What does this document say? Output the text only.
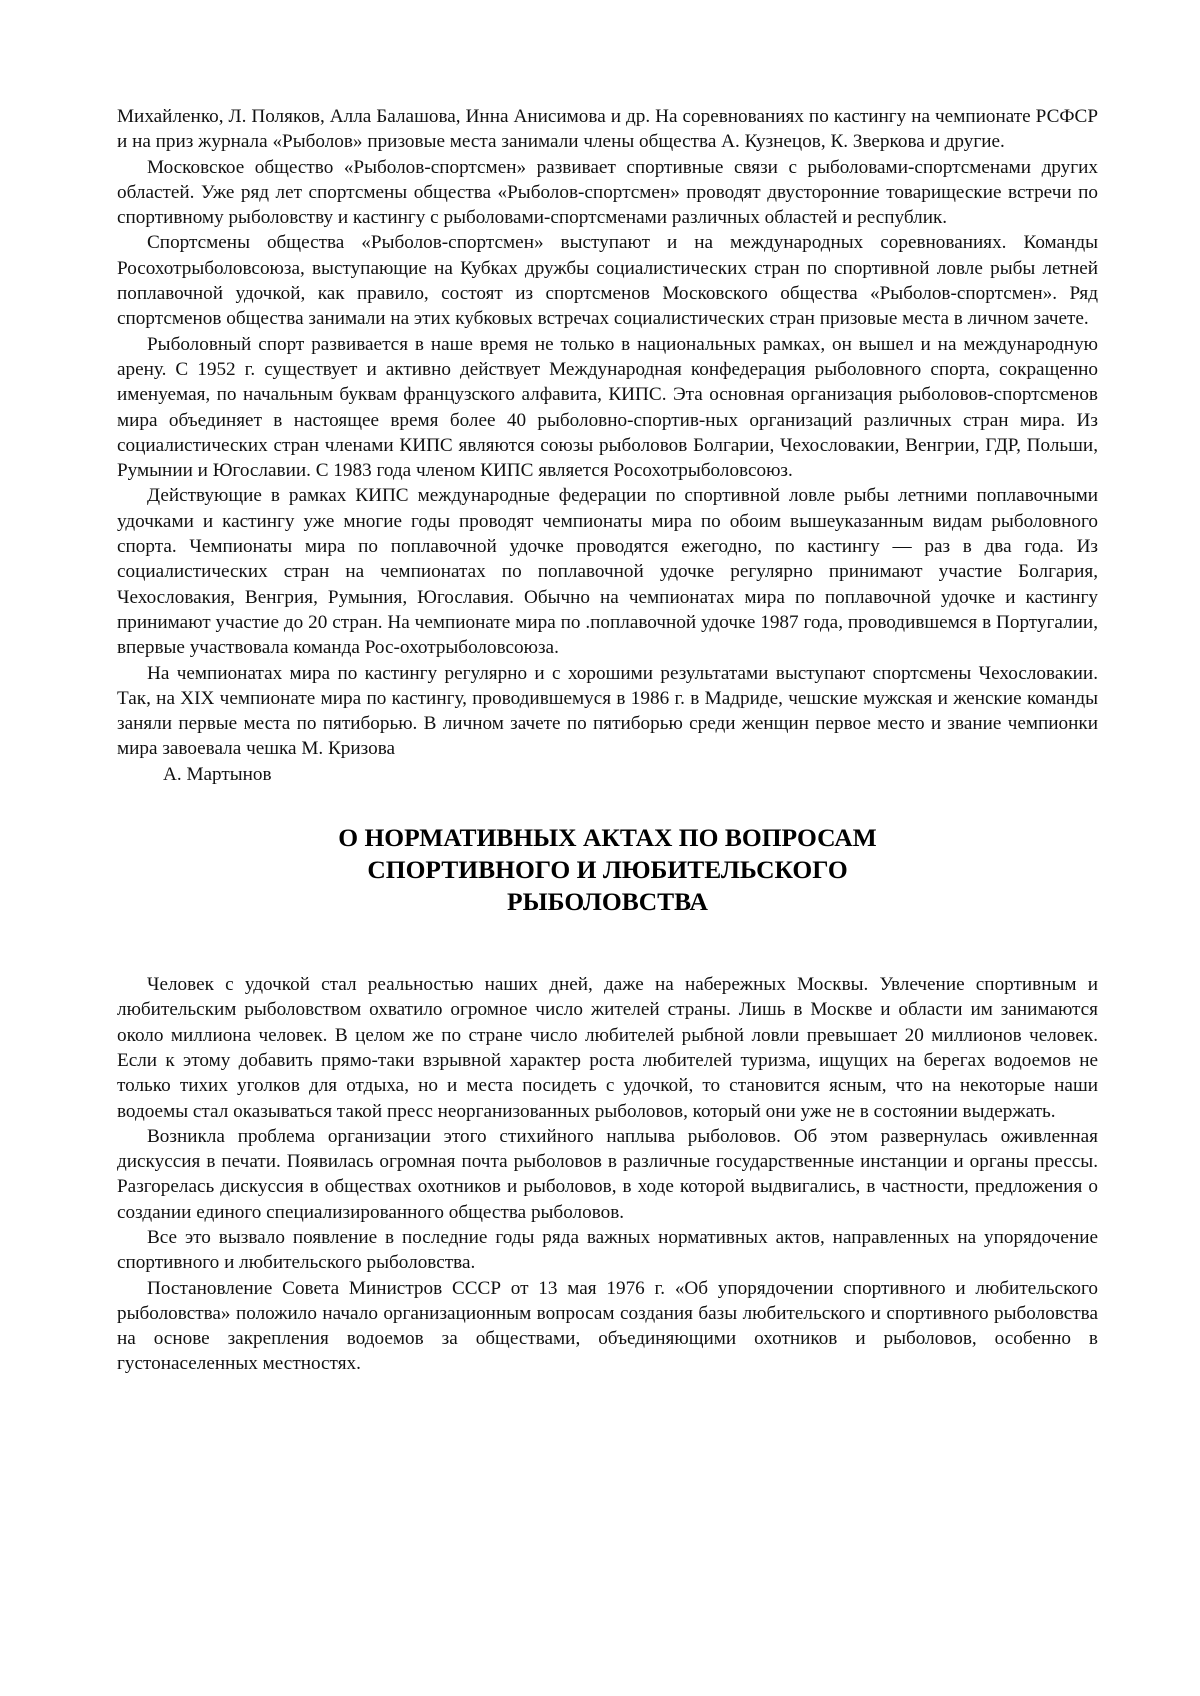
Михайленко, Л. Поляков, Алла Балашова, Инна Анисимова и др. На соревнованиях по кастингу на чемпионате РСФСР и на приз журнала «Рыболов» призовые места занимали члены общества А. Кузнецов, К. Зверкова и другие.

Московское общество «Рыболов-спортсмен» развивает спортивные связи с рыболовами-спортсменами других областей. Уже ряд лет спортсмены общества «Рыболов-спортсмен» проводят двусторонние товарищеские встречи по спортивному рыболовству и кастингу с рыболовами-спортсменами различных областей и республик.

Спортсмены общества «Рыболов-спортсмен» выступают и на международных соревнованиях. Команды Росохотрыболовсоюза, выступающие на Кубках дружбы социалистических стран по спортивной ловле рыбы летней поплавочной удочкой, как правило, состоят из спортсменов Московского общества «Рыболов-спортсмен». Ряд спортсменов общества занимали на этих кубковых встречах социалистических стран призовые места в личном зачете.

Рыболовный спорт развивается в наше время не только в национальных рамках, он вышел и на международную арену. С 1952 г. существует и активно действует Международная конфедерация рыболовного спорта, сокращенно именуемая, по начальным буквам французского алфавита, КИПС. Эта основная организация рыболовов-спортсменов мира объединяет в настоящее время более 40 рыболовно-спортив-ных организаций различных стран мира. Из социалистических стран членами КИПС являются союзы рыболовов Болгарии, Чехословакии, Венгрии, ГДР, Польши, Румынии и Югославии. С 1983 года членом КИПС является Росохотрыболовсоюз.

Действующие в рамках КИПС международные федерации по спортивной ловле рыбы летними поплавочными удочками и кастингу уже многие годы проводят чемпионаты мира по обоим вышеуказанным видам рыболовного спорта. Чемпионаты мира по поплавочной удочке проводятся ежегодно, по кастингу — раз в два года. Из социалистических стран на чемпионатах по поплавочной удочке регулярно принимают участие Болгария, Чехословакия, Венгрия, Румыния, Югославия. Обычно на чемпионатах мира по поплавочной удочке и кастингу принимают участие до 20 стран. На чемпионате мира по .поплавочной удочке 1987 года, проводившемся в Португалии, впервые участвовала команда Рос-охотрыболовсоюза.

На чемпионатах мира по кастингу регулярно и с хорошими результатами выступают спортсмены Чехословакии. Так, на XIX чемпионате мира по кастингу, проводившемуся в 1986 г. в Мадриде, чешские мужская и женские команды заняли первые места по пятиборью. В личном зачете по пятиборью среди женщин первое место и звание чемпионки мира завоевала чешка М. Кризова

А. Мартынов

О НОРМАТИВНЫХ АКТАХ ПО ВОПРОСАМ
СПОРТИВНОГО И ЛЮБИТЕЛЬСКОГО
РЫБОЛОВСТВА

Человек с удочкой стал реальностью наших дней, даже на набережных Москвы. Увлечение спортивным и любительским рыболовством охватило огромное число жителей страны. Лишь в Москве и области им занимаются около миллиона человек. В целом же по стране число любителей рыбной ловли превышает 20 миллионов человек. Если к этому добавить прямо-таки взрывной характер роста любителей туризма, ищущих на берегах водоемов не только тихих уголков для отдыха, но и места посидеть с удочкой, то становится ясным, что на некоторые наши водоемы стал оказываться такой пресс неорганизованных рыболовов, который они уже не в состоянии выдержать.

Возникла проблема организации этого стихийного наплыва рыболовов. Об этом развернулась оживленная дискуссия в печати. Появилась огромная почта рыболовов в различные государственные инстанции и органы прессы. Разгорелась дискуссия в обществах охотников и рыболовов, в ходе которой выдвигались, в частности, предложения о создании единого специализированного общества рыболовов.

Все это вызвало появление в последние годы ряда важных нормативных актов, направленных на упорядочение спортивного и любительского рыболовства.

Постановление Совета Министров СССР от 13 мая 1976 г. «Об упорядочении спортивного и любительского рыболовства» положило начало организационным вопросам создания базы любительского и спортивного рыболовства на основе закрепления водоемов за обществами, объединяющими охотников и рыболовов, особенно в густонаселенных местностях.
